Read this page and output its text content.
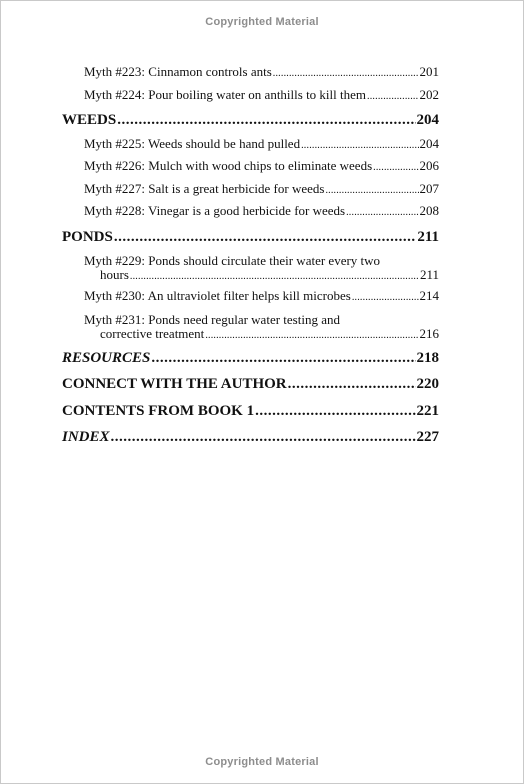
Copyrighted Material
Myth #223: Cinnamon controls ants .....	201
Myth #224: Pour boiling water on anthills to kill them .....	202
WEEDS .....	204
Myth #225: Weeds should be hand pulled .....	204
Myth #226: Mulch with wood chips to eliminate weeds .....	206
Myth #227: Salt is a great herbicide for weeds .....	207
Myth #228: Vinegar is a good herbicide for weeds .....	208
PONDS .....	211
Myth #229: Ponds should circulate their water every two
hours .....	211
Myth #230: An ultraviolet filter helps kill microbes .....	214
Myth #231: Ponds need regular water testing and
corrective treatment .....	216
RESOURCES .....	218
CONNECT WITH THE AUTHOR .....	220
CONTENTS FROM BOOK 1 .....	221
INDEX .....	227
Copyrighted Material
